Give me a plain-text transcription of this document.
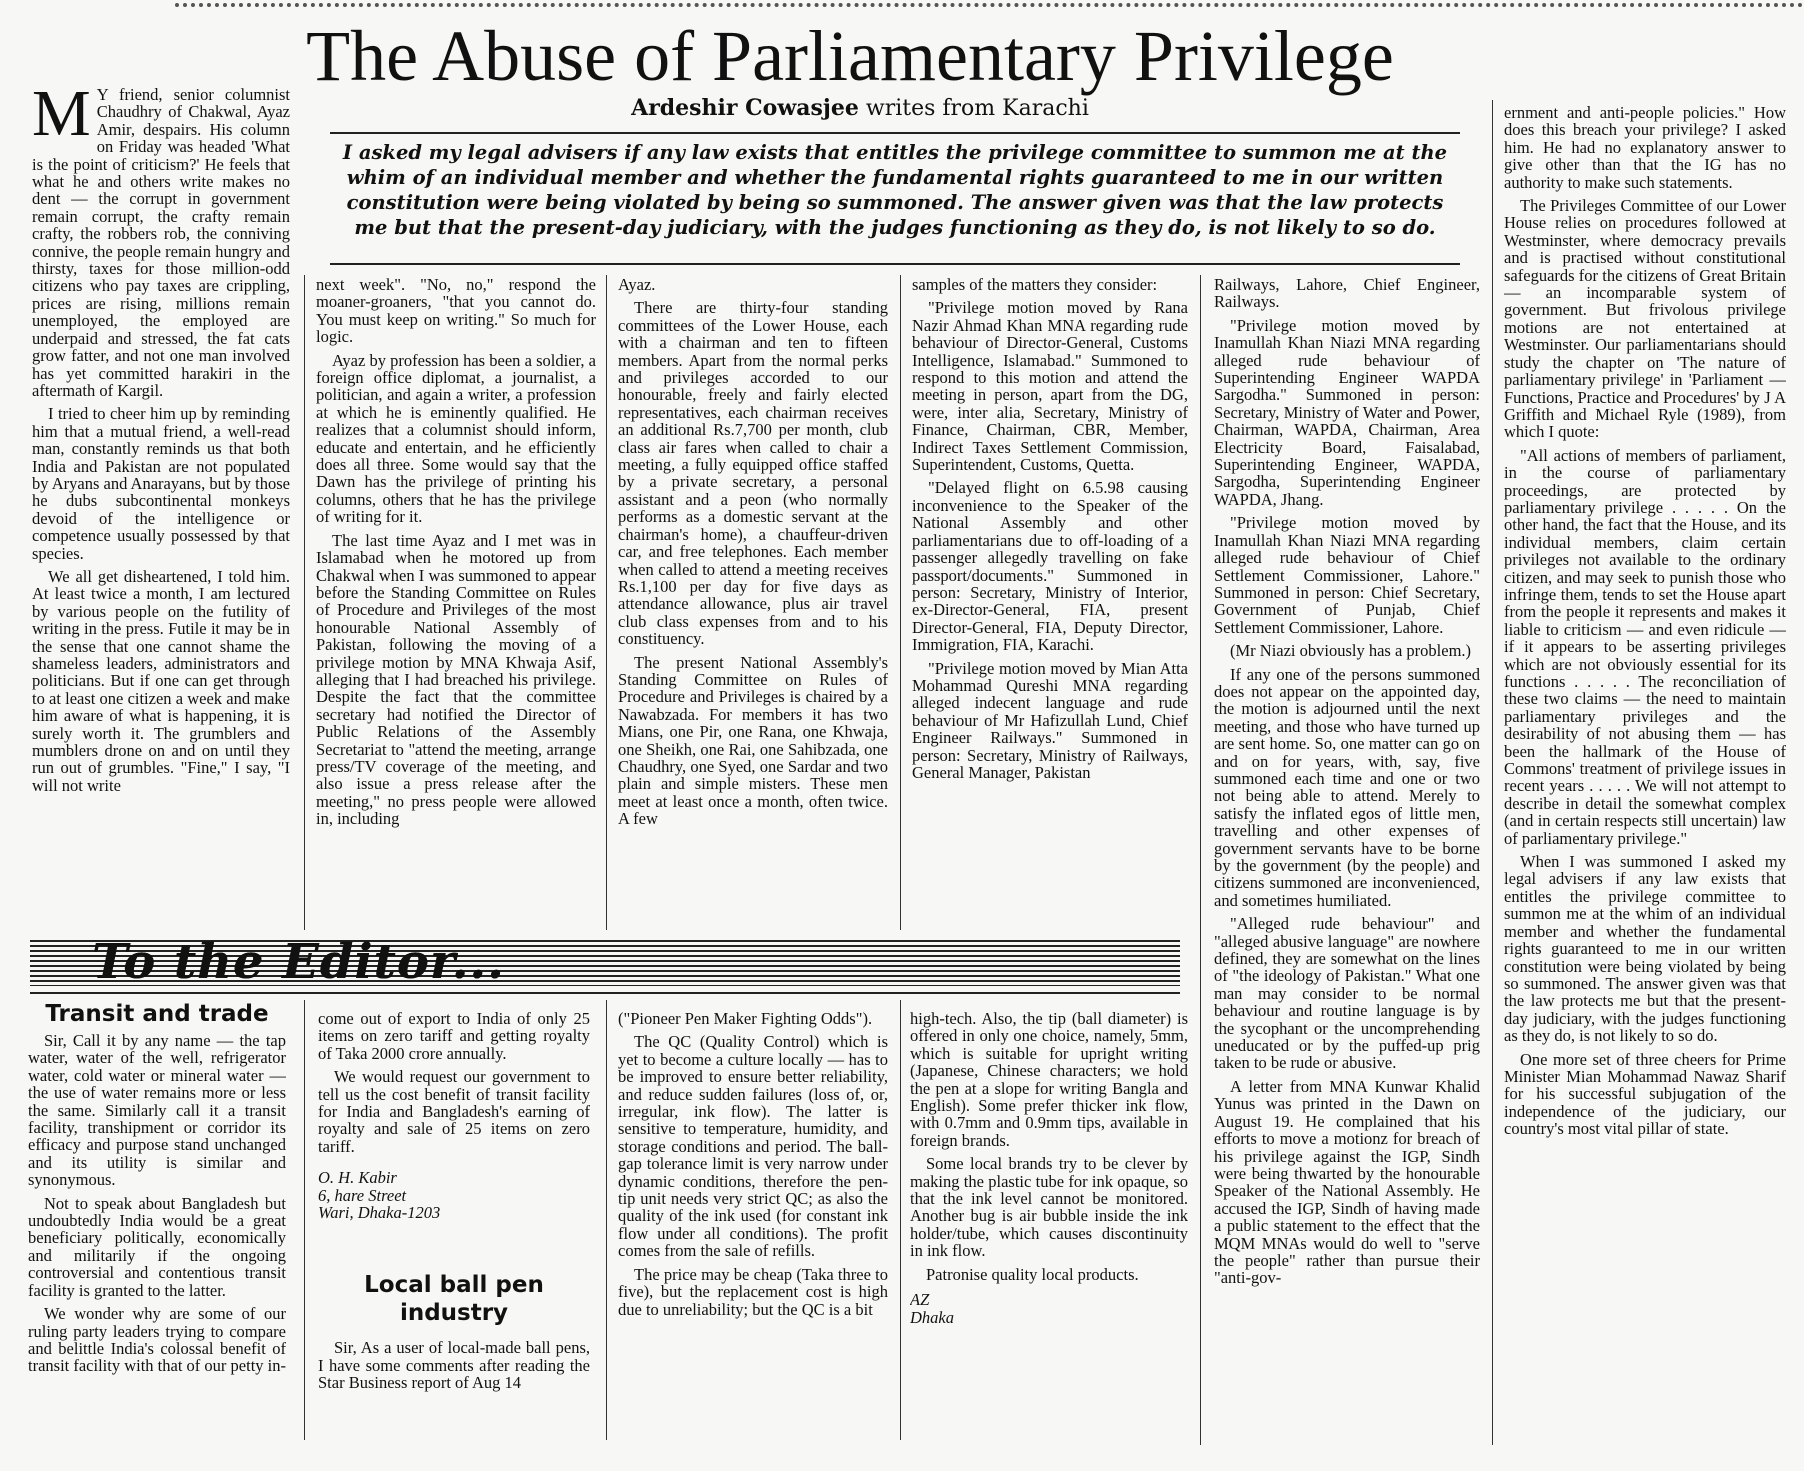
The Abuse of Parliamentary Privilege
Ardeshir Cowasjee writes from Karachi
I asked my legal advisers if any law exists that entitles the privilege committee to summon me at the whim of an individual member and whether the fundamental rights guaranteed to me in our written constitution were being violated by being so summoned. The answer given was that the law protects me but that the present-day judiciary, with the judges functioning as they do, is not likely to so do.

M Y friend, senior columnist Chaudhry of Chakwal, Ayaz Amir, despairs. His column on Friday was headed 'What is the point of criticism?' He feels that what he and others write makes no dent — the corrupt in government remain corrupt, the crafty remain crafty, the robbers rob, the conniving connive, the people remain hungry and thirsty, taxes for those million-odd citizens who pay taxes are crippling, prices are rising, millions remain unemployed, the employed are underpaid and stressed, the fat cats grow fatter, and not one man involved has yet committed harakiri in the aftermath of Kargil.

I tried to cheer him up by reminding him that a mutual friend, a well-read man, constantly reminds us that both India and Pakistan are not populated by Aryans and Anarayans, but by those he dubs subcontinental monkeys devoid of the intelligence or competence usually possessed by that species.

We all get disheartened, I told him. At least twice a month, I am lectured by various people on the futility of writing in the press. Futile it may be in the sense that one cannot shame the shameless leaders, administrators and politicians. But if one can get through to at least one citizen a week and make him aware of what is happening, it is surely worth it. The grumblers and mumblers drone on and on until they run out of grumbles. "Fine," I say, "I will not write

next week". "No, no," respond the moaner-groaners, "that you cannot do. You must keep on writing." So much for logic.

Ayaz by profession has been a soldier, a foreign office diplomat, a journalist, a politician, and again a writer, a profession at which he is eminently qualified. He realizes that a columnist should inform, educate and entertain, and he efficiently does all three. Some would say that the Dawn has the privilege of printing his columns, others that he has the privilege of writing for it.

The last time Ayaz and I met was in Islamabad when he motored up from Chakwal when I was summoned to appear before the Standing Committee on Rules of Procedure and Privileges of the most honourable National Assembly of Pakistan, following the moving of a privilege motion by MNA Khwaja Asif, alleging that I had breached his privilege. Despite the fact that the committee secretary had notified the Director of Public Relations of the Assembly Secretariat to "attend the meeting, arrange press/TV coverage of the meeting, and also issue a press release after the meeting," no press people were allowed in, including

Ayaz.

There are thirty-four standing committees of the Lower House, each with a chairman and ten to fifteen members. Apart from the normal perks and privileges accorded to our honourable, freely and fairly elected representatives, each chairman receives an additional Rs.7,700 per month, club class air fares when called to chair a meeting, a fully equipped office staffed by a private secretary, a personal assistant and a peon (who normally performs as a domestic servant at the chairman's home), a chauffeur-driven car, and free telephones. Each member when called to attend a meeting receives Rs.1,100 per day for five days as attendance allowance, plus air travel club class expenses from and to his constituency.

The present National Assembly's Standing Committee on Rules of Procedure and Privileges is chaired by a Nawabzada. For members it has two Mians, one Pir, one Rana, one Khwaja, one Sheikh, one Rai, one Sahibzada, one Chaudhry, one Syed, one Sardar and two plain and simple misters. These men meet at least once a month, often twice. A few

samples of the matters they consider:

"Privilege motion moved by Rana Nazir Ahmad Khan MNA regarding rude behaviour of Director-General, Customs Intelligence, Islamabad." Summoned to respond to this motion and attend the meeting in person, apart from the DG, were, inter alia, Secretary, Ministry of Finance, Chairman, CBR, Member, Indirect Taxes Settlement Commission, Superintendent, Customs, Quetta.

"Delayed flight on 6.5.98 causing inconvenience to the Speaker of the National Assembly and other parliamentarians due to off-loading of a passenger allegedly travelling on fake passport/documents." Summoned in person: Secretary, Ministry of Interior, ex-Director-General, FIA, present Director-General, FIA, Deputy Director, Immigration, FIA, Karachi.

"Privilege motion moved by Mian Atta Mohammad Qureshi MNA regarding alleged indecent language and rude behaviour of Mr Hafizullah Lund, Chief Engineer Railways." Summoned in person: Secretary, Ministry of Railways, General Manager, Pakistan

Railways, Lahore, Chief Engineer, Railways.

"Privilege motion moved by Inamullah Khan Niazi MNA regarding alleged rude behaviour of Superintending Engineer WAPDA Sargodha." Summoned in person: Secretary, Ministry of Water and Power, Chairman, WAPDA, Chairman, Area Electricity Board, Faisalabad, Superintending Engineer, WAPDA, Sargodha, Superintending Engineer WAPDA, Jhang.

"Privilege motion moved by Inamullah Khan Niazi MNA regarding alleged rude behaviour of Chief Settlement Commissioner, Lahore." Summoned in person: Chief Secretary, Government of Punjab, Chief Settlement Commissioner, Lahore.

(Mr Niazi obviously has a problem.)

If any one of the persons summoned does not appear on the appointed day, the motion is adjourned until the next meeting, and those who have turned up are sent home. So, one matter can go on and on for years, with, say, five summoned each time and one or two not being able to attend. Merely to satisfy the inflated egos of little men, travelling and other expenses of government servants have to be borne by the government (by the people) and citizens summoned are inconvenienced, and sometimes humiliated.

"Alleged rude behaviour" and "alleged abusive language" are nowhere defined, they are somewhat on the lines of "the ideology of Pakistan." What one man may consider to be normal behaviour and routine language is by the sycophant or the uncomprehending uneducated or by the puffed-up prig taken to be rude or abusive.

A letter from MNA Kunwar Khalid Yunus was printed in the Dawn on August 19. He complained that his efforts to move a motionz for breach of his privilege against the IGP, Sindh were being thwarted by the honourable Speaker of the National Assembly. He accused the IGP, Sindh of having made a public statement to the effect that the MQM MNAs would do well to "serve the people" rather than pursue their "anti-gov-

ernment and anti-people policies." How does this breach your privilege? I asked him. He had no explanatory answer to give other than that the IG has no authority to make such statements.

The Privileges Committee of our Lower House relies on procedures followed at Westminster, where democracy prevails and is practised without constitutional safeguards for the citizens of Great Britain — an incomparable system of government. But frivolous privilege motions are not entertained at Westminster. Our parliamentarians should study the chapter on 'The nature of parliamentary privilege' in 'Parliament — Functions, Practice and Procedures' by J A Griffith and Michael Ryle (1989), from which I quote:

"All actions of members of parliament, in the course of parliamentary proceedings, are protected by parliamentary privilege . . . . . On the other hand, the fact that the House, and its individual members, claim certain privileges not available to the ordinary citizen, and may seek to punish those who infringe them, tends to set the House apart from the people it represents and makes it liable to criticism — and even ridicule — if it appears to be asserting privileges which are not obviously essential for its functions . . . . . The reconciliation of these two claims — the need to maintain parliamentary privileges and the desirability of not abusing them — has been the hallmark of the House of Commons' treatment of privilege issues in recent years . . . . . We will not attempt to describe in detail the somewhat complex (and in certain respects still uncertain) law of parliamentary privilege."

When I was summoned I asked my legal advisers if any law exists that entitles the privilege committee to summon me at the whim of an individual member and whether the fundamental rights guaranteed to me in our written constitution were being violated by being so summoned. The answer given was that the law protects me but that the present-day judiciary, with the judges functioning as they do, is not likely to so do.

One more set of three cheers for Prime Minister Mian Mohammad Nawaz Sharif for his successful subjugation of the independence of the judiciary, our country's most vital pillar of state.

To the Editor...
Transit and trade

Sir, Call it by any name — the tap water, water of the well, refrigerator water, cold water or mineral water — the use of water remains more or less the same. Similarly call it a transit facility, transhipment or corridor its efficacy and purpose stand unchanged and its utility is similar and synonymous.

Not to speak about Bangladesh but undoubtedly India would be a great beneficiary politically, economically and militarily if the ongoing controversial and contentious transit facility is granted to the latter.

We wonder why are some of our ruling party leaders trying to compare and belittle India's colossal benefit of transit facility with that of our petty in-

come out of export to India of only 25 items on zero tariff and getting royalty of Taka 2000 crore annually.

We would request our government to tell us the cost benefit of transit facility for India and Bangladesh's earning of royalty and sale of 25 items on zero tariff.

O. H. Kabir

6, hare Street

Wari, Dhaka-1203

Local ball pen industry

Sir, As a user of local-made ball pens, I have some comments after reading the Star Business report of Aug 14

("Pioneer Pen Maker Fighting Odds").

The QC (Quality Control) which is yet to become a culture locally — has to be improved to ensure better reliability, and reduce sudden failures (loss of, or, irregular, ink flow). The latter is sensitive to temperature, humidity, and storage conditions and period. The ball-gap tolerance limit is very narrow under dynamic conditions, therefore the pen-tip unit needs very strict QC; as also the quality of the ink used (for constant ink flow under all conditions). The profit comes from the sale of refills.

The price may be cheap (Taka three to five), but the replacement cost is high due to unreliability; but the QC is a bit

high-tech. Also, the tip (ball diameter) is offered in only one choice, namely, 5mm, which is suitable for upright writing (Japanese, Chinese characters; we hold the pen at a slope for writing Bangla and English). Some prefer thicker ink flow, with 0.7mm and 0.9mm tips, available in foreign brands.

Some local brands try to be clever by making the plastic tube for ink opaque, so that the ink level cannot be monitored. Another bug is air bubble inside the ink holder/tube, which causes discontinuity in ink flow.

Patronise quality local products.

AZ

Dhaka
